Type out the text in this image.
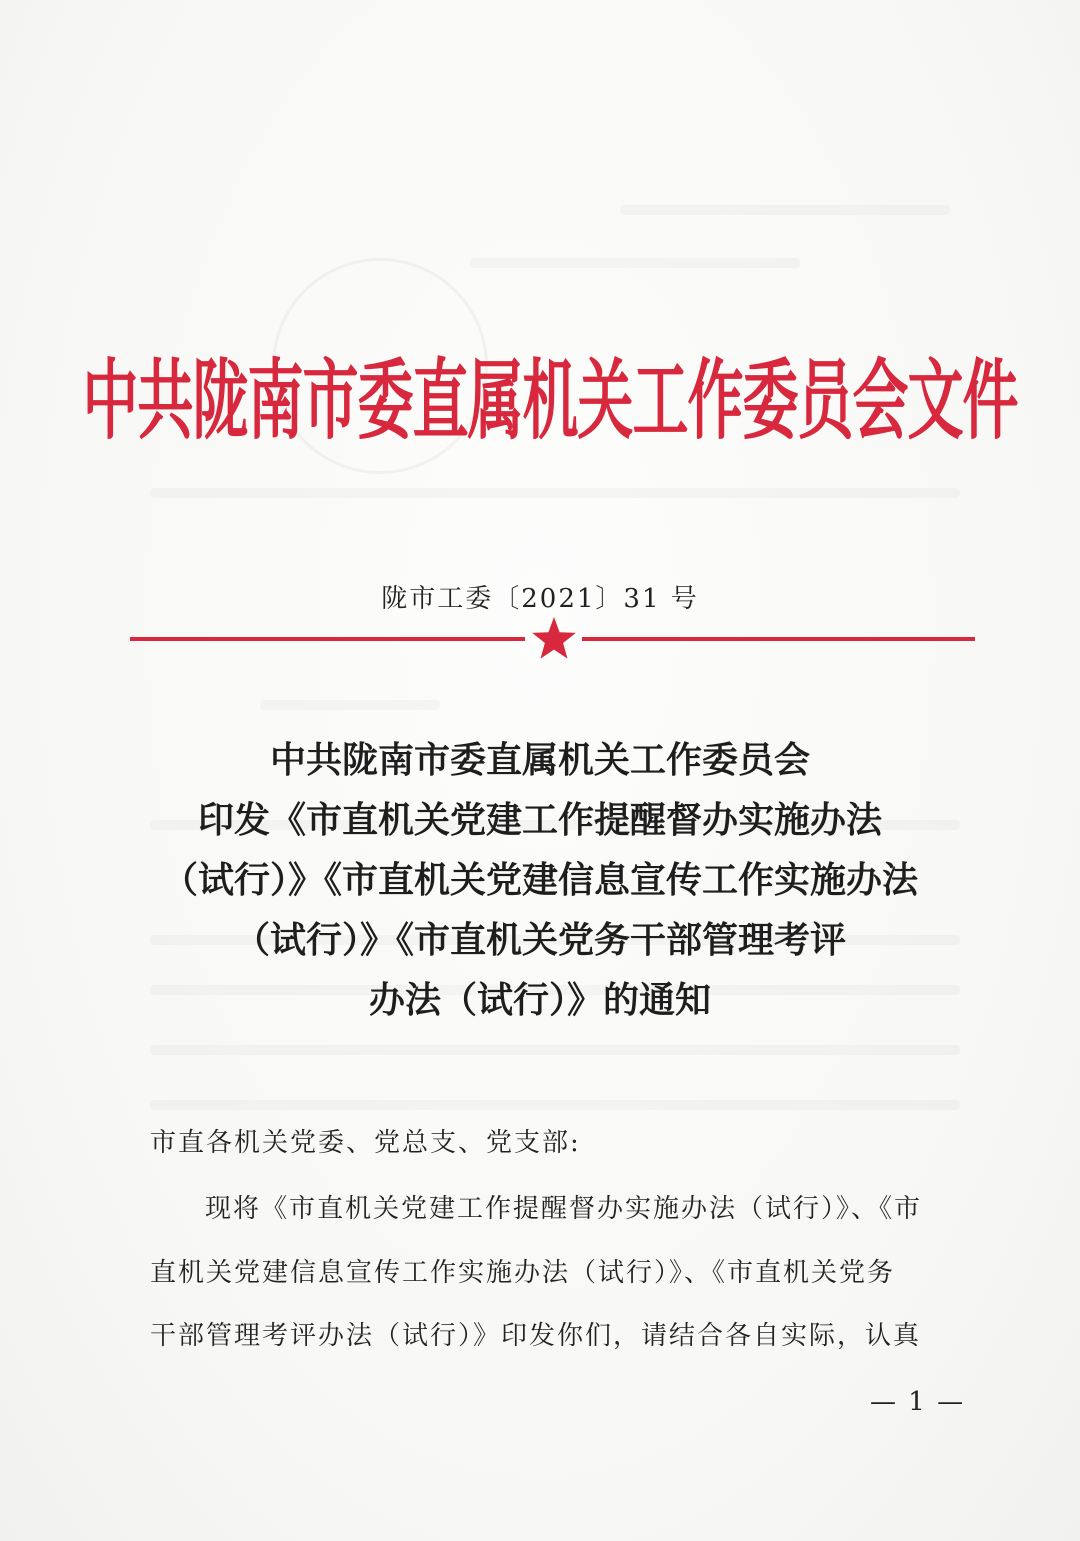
中共陇南市委直属机关工作委员会文件
陇市工委〔2021〕31 号
中共陇南市委直属机关工作委员会
印发《市直机关党建工作提醒督办实施办法
（试行）》《市直机关党建信息宣传工作实施办法
（试行）》《市直机关党务干部管理考评
办法（试行）》的通知
市直各机关党委、党总支、党支部:
现将《市直机关党建工作提醒督办实施办法（试行）》、《市
直机关党建信息宣传工作实施办法（试行）》、《市直机关党务
干部管理考评办法（试行）》印发你们，请结合各自实际，认真
— 1 —
